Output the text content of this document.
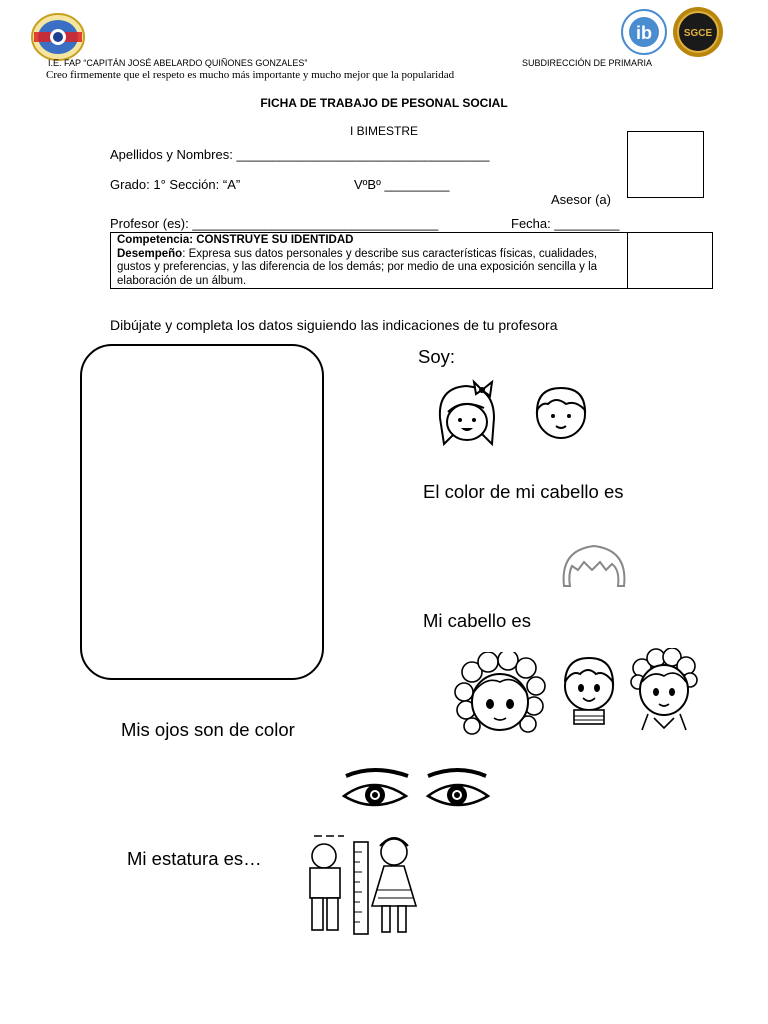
ib	SGCE
I.E. FAP “CAPITÁN JOSÉ ABELARDO QUIÑONES GONZALES”	SUBDIRECCIÓN DE PRIMARIA
Creo firmemente que el respeto es mucho más importante y mucho mejor que la popularidad
FICHA DE TRABAJO DE PESONAL SOCIAL
I BIMESTRE
Apellidos y Nombres: ___________________________________
Grado: 1° Sección: “A”	VºBº _________
Asesor (a)
Profesor (es): __________________________________	Fecha: _________
Competencia: CONSTRUYE SU IDENTIDAD
Desempeño: Expresa sus datos personales y describe sus características físicas, cualidades, gustos y preferencias, y las diferencia de los demás; por medio de una exposición sencilla y la elaboración de un álbum.
Dibújate y completa los datos siguiendo las indicaciones de tu profesora
Soy:
El color de mi cabello es
Mi cabello es
Mis ojos son de color
Mi estatura es…
